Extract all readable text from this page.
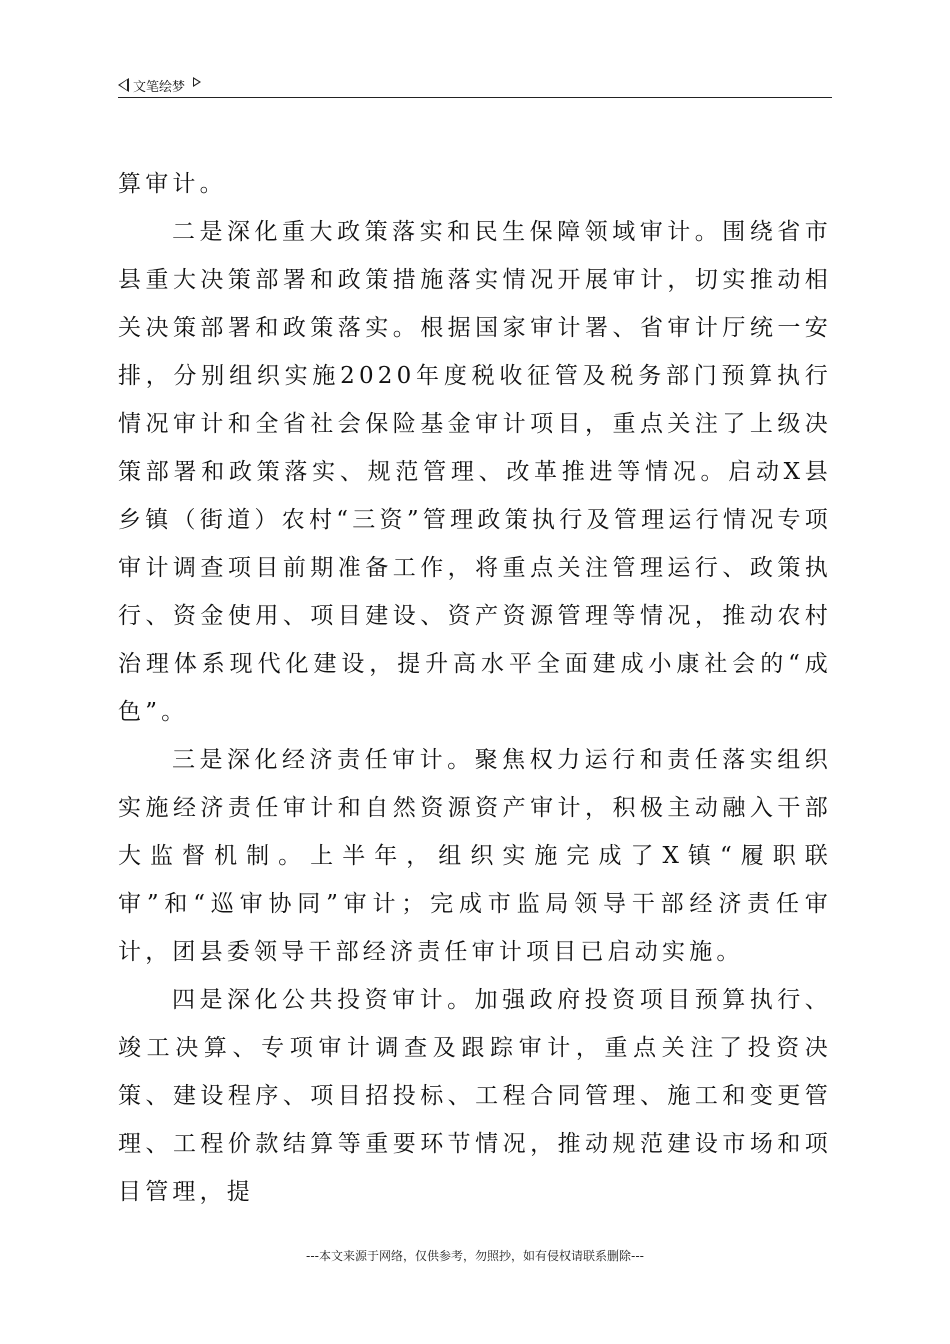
文笔绘梦

算审计。

二是深化重大政策落实和民生保障领域审计。围绕省市县重大决策部署和政策措施落实情况开展审计，切实推动相关决策部署和政策落实。根据国家审计署、省审计厅统一安排，分别组织实施2020年度税收征管及税务部门预算执行情况审计和全省社会保险基金审计项目，重点关注了上级决策部署和政策落实、规范管理、改革推进等情况。启动X县乡镇（街道）农村“三资”管理政策执行及管理运行情况专项审计调查项目前期准备工作，将重点关注管理运行、政策执行、资金使用、项目建设、资产资源管理等情况，推动农村治理体系现代化建设，提升高水平全面建成小康社会的“成色”。

三是深化经济责任审计。聚焦权力运行和责任落实组织实施经济责任审计和自然资源资产审计，积极主动融入干部大监督机制。上半年，组织实施完成了X镇“履职联审”和“巡审协同”审计；完成市监局领导干部经济责任审计，团县委领导干部经济责任审计项目已启动实施。

四是深化公共投资审计。加强政府投资项目预算执行、竣工决算、专项审计调查及跟踪审计，重点关注了投资决策、建设程序、项目招投标、工程合同管理、施工和变更管理、工程价款结算等重要环节情况，推动规范建设市场和项目管理，提

---本文来源于网络，仅供参考，勿照抄，如有侵权请联系删除---
